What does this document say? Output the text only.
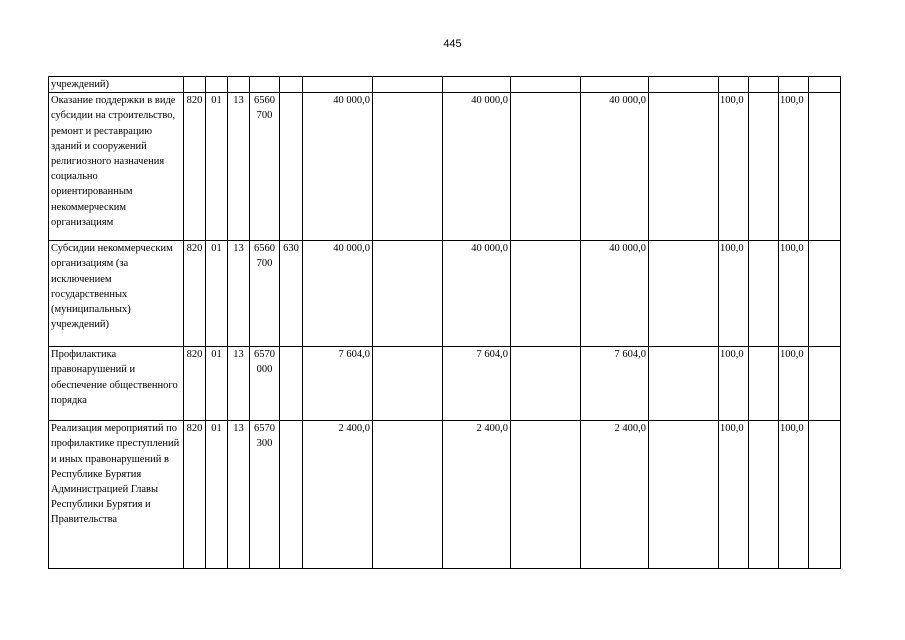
445
учреждений)															
Оказание поддержки в виде субсидии на строительство, ремонт и реставрацию зданий и сооружений религиозного назначения социально ориентированным некоммерческим организациям	820	01	13	6560 700		40 000,0		40 000,0		40 000,0		100,0		100,0	
Субсидии некоммерческим организациям (за исключением государственных (муниципальных) учреждений)	820	01	13	6560 700	630	40 000,0		40 000,0		40 000,0		100,0		100,0	
Профилактика правонарушений и обеспечение общественного порядка	820	01	13	6570 000		7 604,0		7 604,0		7 604,0		100,0		100,0	
Реализация мероприятий по профилактике преступлений и иных правонарушений в Республике Бурятия Администрацией Главы Республики Бурятия и Правительства	820	01	13	6570 300		2 400,0		2 400,0		2 400,0		100,0		100,0	
